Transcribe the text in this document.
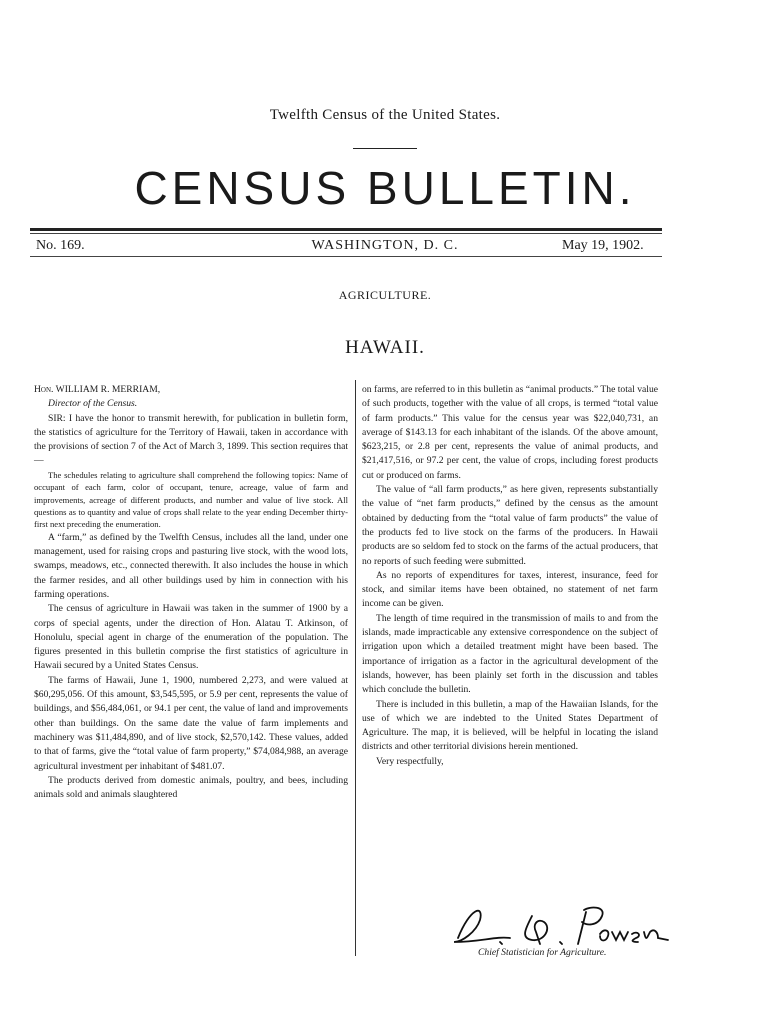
Twelfth Census of the United States.
CENSUS BULLETIN.
No. 169.	WASHINGTON, D. C.	May 19, 1902.
AGRICULTURE.
HAWAII.

Hon. WILLIAM R. MERRIAM,

Director of the Census.

SIR: I have the honor to transmit herewith, for publication in bulletin form, the statistics of agriculture for the Territory of Hawaii, taken in accordance with the provisions of section 7 of the Act of March 3, 1899. This section requires that—

The schedules relating to agriculture shall comprehend the following topics: Name of occupant of each farm, color of occupant, tenure, acreage, value of farm and improvements, acreage of different products, and number and value of live stock. All questions as to quantity and value of crops shall relate to the year ending December thirty-first next preceding the enumeration.

A “farm,” as defined by the Twelfth Census, includes all the land, under one management, used for raising crops and pasturing live stock, with the wood lots, swamps, meadows, etc., connected therewith. It also includes the house in which the farmer resides, and all other buildings used by him in connection with his farming operations.

The census of agriculture in Hawaii was taken in the summer of 1900 by a corps of special agents, under the direction of Hon. Alatau T. Atkinson, of Honolulu, special agent in charge of the enumeration of the population. The figures presented in this bulletin comprise the first statistics of agriculture in Hawaii secured by a United States Census.

The farms of Hawaii, June 1, 1900, numbered 2,273, and were valued at $60,295,056. Of this amount, $3,545,595, or 5.9 per cent, represents the value of buildings, and $56,484,061, or 94.1 per cent, the value of land and improvements other than buildings. On the same date the value of farm implements and machinery was $11,484,890, and of live stock, $2,570,142. These values, added to that of farms, give the “total value of farm property,” $74,084,988, an average agricultural investment per inhabitant of $481.07.

The products derived from domestic animals, poultry, and bees, including animals sold and animals slaughtered

on farms, are referred to in this bulletin as “animal products.” The total value of such products, together with the value of all crops, is termed “total value of farm products.” This value for the census year was $22,040,731, an average of $143.13 for each inhabitant of the islands. Of the above amount, $623,215, or 2.8 per cent, represents the value of animal products, and $21,417,516, or 97.2 per cent, the value of crops, including forest products cut or produced on farms.

The value of “all farm products,” as here given, represents substantially the value of “net farm products,” defined by the census as the amount obtained by deducting from the “total value of farm products” the value of the products fed to live stock on the farms of the producers. In Hawaii products are so seldom fed to stock on the farms of the actual producers, that no reports of such feeding were submitted.

As no reports of expenditures for taxes, interest, insurance, feed for stock, and similar items have been obtained, no statement of net farm income can be given.

The length of time required in the transmission of mails to and from the islands, made impracticable any extensive correspondence on the subject of irrigation upon which a detailed treatment might have been based. The importance of irrigation as a factor in the agricultural development of the islands, however, has been plainly set forth in the discussion and tables which conclude the bulletin.

There is included in this bulletin, a map of the Hawaiian Islands, for the use of which we are indebted to the United States Department of Agriculture. The map, it is believed, will be helpful in locating the island districts and other territorial divisions herein mentioned.

Very respectfully,

Chief Statistician for Agriculture.
